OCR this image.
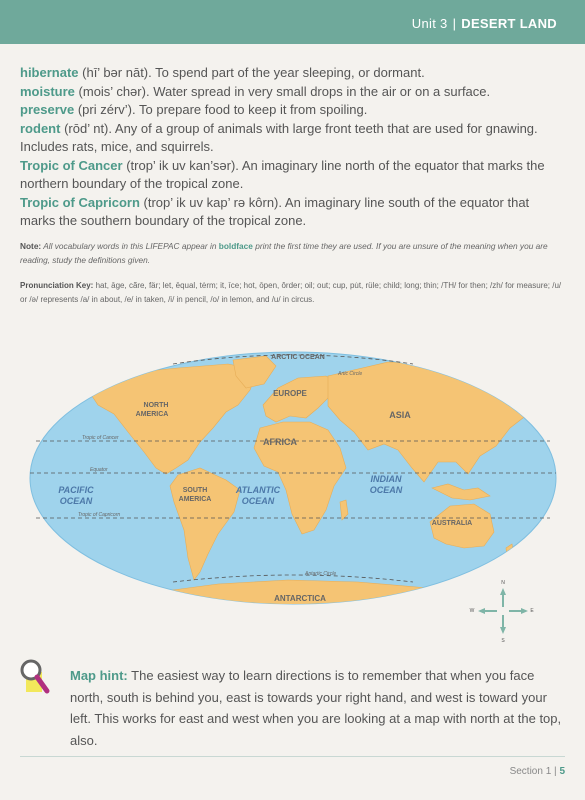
Unit 3 | DESERT LAND

hibernate (hī’ bər nāt). To spend part of the year sleeping, or dormant.

moisture (mois’ chər). Water spread in very small drops in the air or on a surface.

preserve (pri zérv’). To prepare food to keep it from spoiling.

rodent (rōd’ nt). Any of a group of animals with large front teeth that are used for gnawing. Includes rats, mice, and squirrels.

Tropic of Cancer (trop’ ik uv kan’sər). An imaginary line north of the equator that marks the northern boundary of the tropical zone.

Tropic of Capricorn (trop’ ik uv kap’ rə kôrn). An imaginary line south of the equator that marks the southern boundary of the tropical zone.

Note: All vocabulary words in this LIFEPAC appear in boldface print the first time they are used. If you are unsure of the meaning when you are reading, study the definitions given.
Pronunciation Key: hat, āge, cãre, fär; let, ēqual, tėrm; it, īce; hot, ōpen, ôrder; oil; out; cup, pu̇t, rüle; child; long; thin; /TH/ for then; /zh/ for measure; /u/ or /ə/ represents /a/ in about, /e/ in taken, /i/ in pencil, /o/ in lemon, and /u/ in circus.
ARCTIC OCEAN
Artic Circle
EUROPE
ASIA
AFRICA
NORTH AMERICA
SOUTH AMERICA
PACIFIC OCEAN
ATLANTIC OCEAN
INDIAN OCEAN
AUSTRALIA
Tropic of Cancer
Equator
Tropic of Capricorn
Antartic Circle
ANTARCTICA
N
S
W	E
Map hint: The easiest way to learn directions is to remember that when you face north, south is behind you, east is towards your right hand, and west is toward your left. This works for east and west when you are looking at a map with north at the top, also.
Section 1 | 5
